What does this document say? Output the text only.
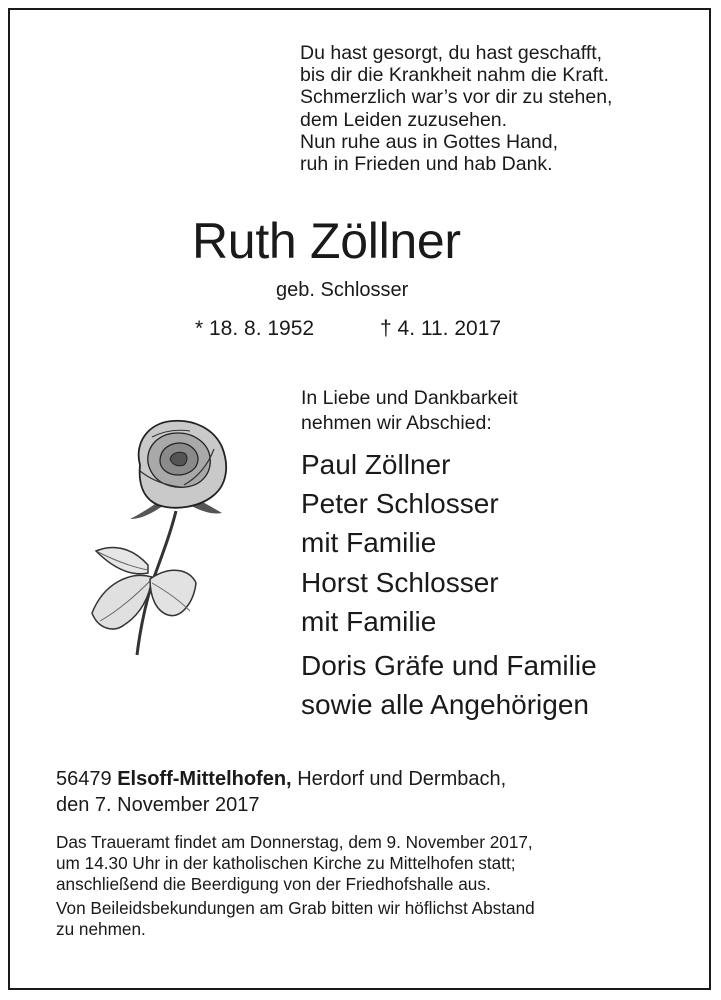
Du hast gesorgt, du hast geschafft,
bis dir die Krankheit nahm die Kraft.
Schmerzlich war’s vor dir zu stehen,
dem Leiden zuzusehen.
Nun ruhe aus in Gottes Hand,
ruh in Frieden und hab Dank.
Ruth Zöllner
geb. Schlosser
* 18. 8. 1952	† 4. 11. 2017
In Liebe und Dankbarkeit
nehmen wir Abschied:
Paul Zöllner
Peter Schlosser
mit Familie
Horst Schlosser
mit Familie
Doris Gräfe und Familie
sowie alle Angehörigen
56479 Elsoff-Mittelhofen, Herdorf und Dermbach,
den 7. November 2017

Das Traueramt findet am Donnerstag, dem 9. November 2017,
um 14.30 Uhr in der katholischen Kirche zu Mittelhofen statt;
anschließend die Beerdigung von der Friedhofshalle aus.

Von Beileidsbekundungen am Grab bitten wir höflichst Abstand
zu nehmen.
